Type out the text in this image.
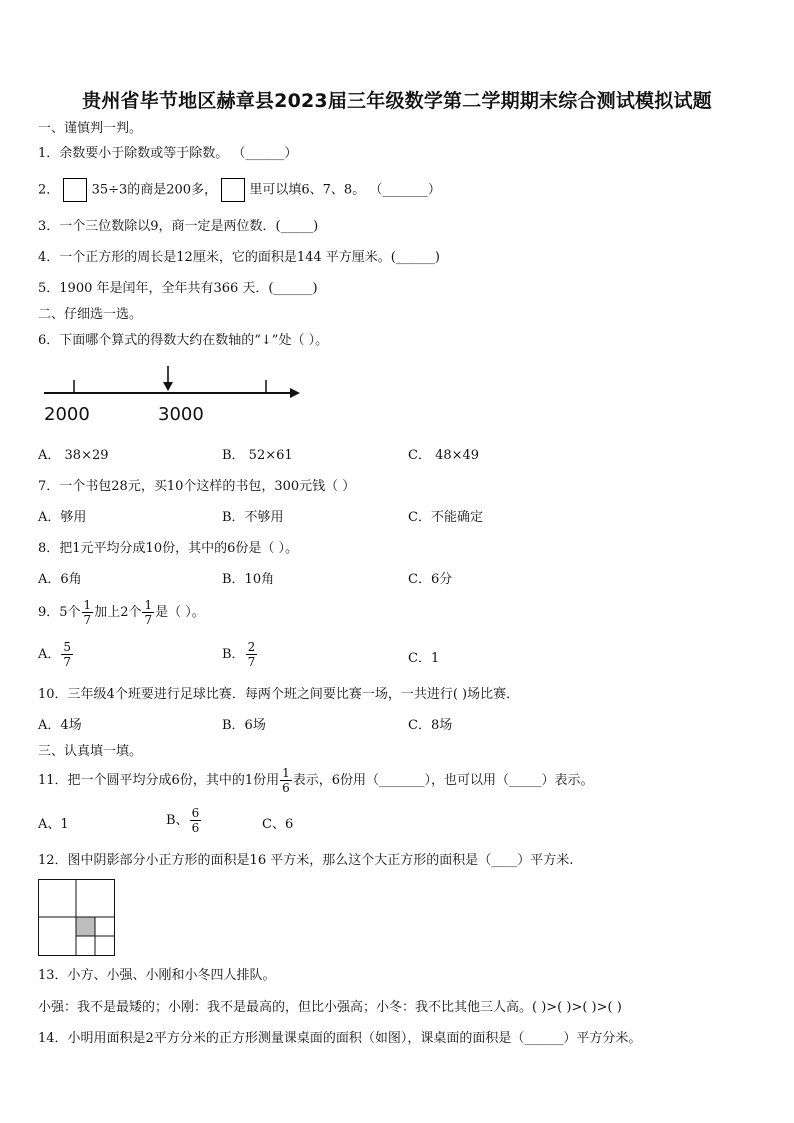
贵州省毕节地区赫章县2023届三年级数学第二学期期末综合测试模拟试题
一、谨慎判一判。
1．余数要小于除数或等于除数。 （______）
2． 35÷3的商是200多， 里可以填6、7、8。 （_______）
3．一个三位数除以9，商一定是两位数．(_____)
4．一个正方形的周长是12厘米，它的面积是144 平方厘米。(______)
5．1900 年是闰年，全年共有366 天．(______)
二、仔细选一选。
6．下面哪个算式的得数大约在数轴的“↓”处（ ）。
2000	3000
A． 38×29	B． 52×61	C． 48×49
7．一个书包28元，买10个这样的书包，300元钱（ ）
A．够用	B．不够用	C．不能确定
8．把1元平均分成10份，其中的6份是（ ）。
A．6角	B．10角	C．6分
9．5个 $\frac{1}{7}$ 加上2个 $\frac{1}{7}$ 是（ ）。
A． $\frac{5}{7}$	B． $\frac{2}{7}$	C．1
10．三年级4个班要进行足球比赛．每两个班之间要比赛一场，一共进行( )场比赛．
A．4场	B．6场	C．8场
三、认真填一填。
11．把一个圆平均分成6份，其中的1份用 $\frac{1}{6}$ 表示，6份用（_______），也可以用（_____）表示。
A、1	B、 $\frac{6}{6}$	C、6
12．图中阴影部分小正方形的面积是16 平方米，那么这个大正方形的面积是（____）平方米.
13．小方、小强、小刚和小冬四人排队。
小强：我不是最矮的；小刚：我不是最高的，但比小强高；小冬：我不比其他三人高。( )>( )>( )>( )
14．小明用面积是2平方分米的正方形测量课桌面的面积（如图），课桌面的面积是（______）平方分米。
